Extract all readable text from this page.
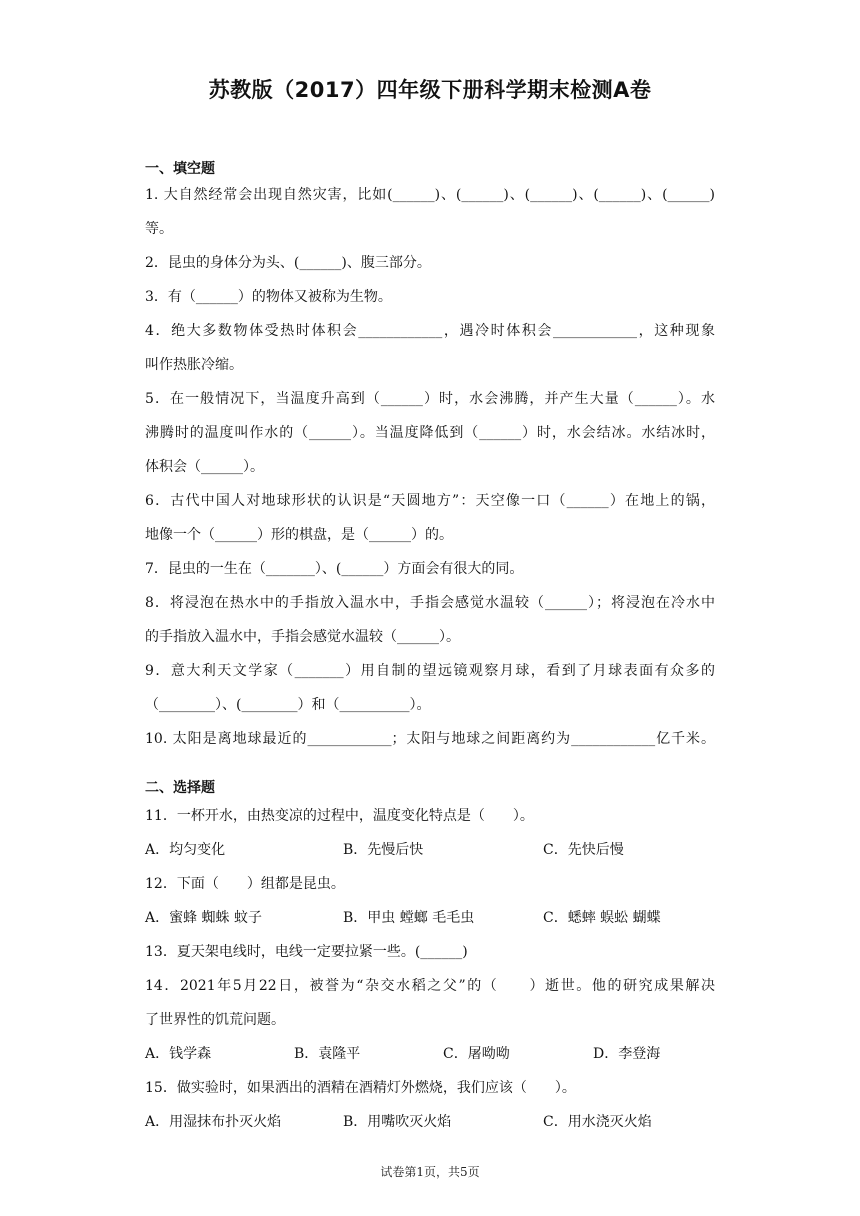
苏教版（2017）四年级下册科学期末检测A卷
一、填空题
1. 大自然经常会出现自然灾害，比如(______)、(______)、(______)、(______)、(______)
等。
2．昆虫的身体分为头、(______)、腹三部分。
3．有（______）的物体又被称为生物。
4．绝大多数物体受热时体积会____________，遇冷时体积会____________，这种现象
叫作热胀冷缩。
5．在一般情况下，当温度升高到（______）时，水会沸腾，并产生大量（______）。水
沸腾时的温度叫作水的（______）。当温度降低到（______）时，水会结冰。水结冰时，
体积会（______）。
6．古代中国人对地球形状的认识是“天圆地方”：天空像一口（______）在地上的锅，
地像一个（______）形的棋盘，是（______）的。
7．昆虫的一生在（_______）、(______）方面会有很大的同。
8．将浸泡在热水中的手指放入温水中，手指会感觉水温较（______）；将浸泡在冷水中
的手指放入温水中，手指会感觉水温较（______）。
9．意大利天文学家（_______）用自制的望远镜观察月球，看到了月球表面有众多的
（________）、(________）和（__________）。
10. 太阳是离地球最近的____________；太阳与地球之间距离约为____________亿千米。
二、选择题
11．一杯开水，由热变凉的过程中，温度变化特点是（　　）。
A．均匀变化	B．先慢后快	C．先快后慢
12．下面（　　）组都是昆虫。
A．蜜蜂 蜘蛛 蚊子	B．甲虫 螳螂 毛毛虫	C．蟋蟀 蜈蚣 蝴蝶
13．夏天架电线时，电线一定要拉紧一些。(______)
14．2021年5月22日，被誉为“杂交水稻之父”的（　　）逝世。他的研究成果解决
了世界性的饥荒问题。
A．钱学森	B．袁隆平	C．屠呦呦	D．李登海
15．做实验时，如果洒出的酒精在酒精灯外燃烧，我们应该（　　）。
A．用湿抹布扑灭火焰	B．用嘴吹灭火焰	C．用水浇灭火焰
试卷第1页，共5页
